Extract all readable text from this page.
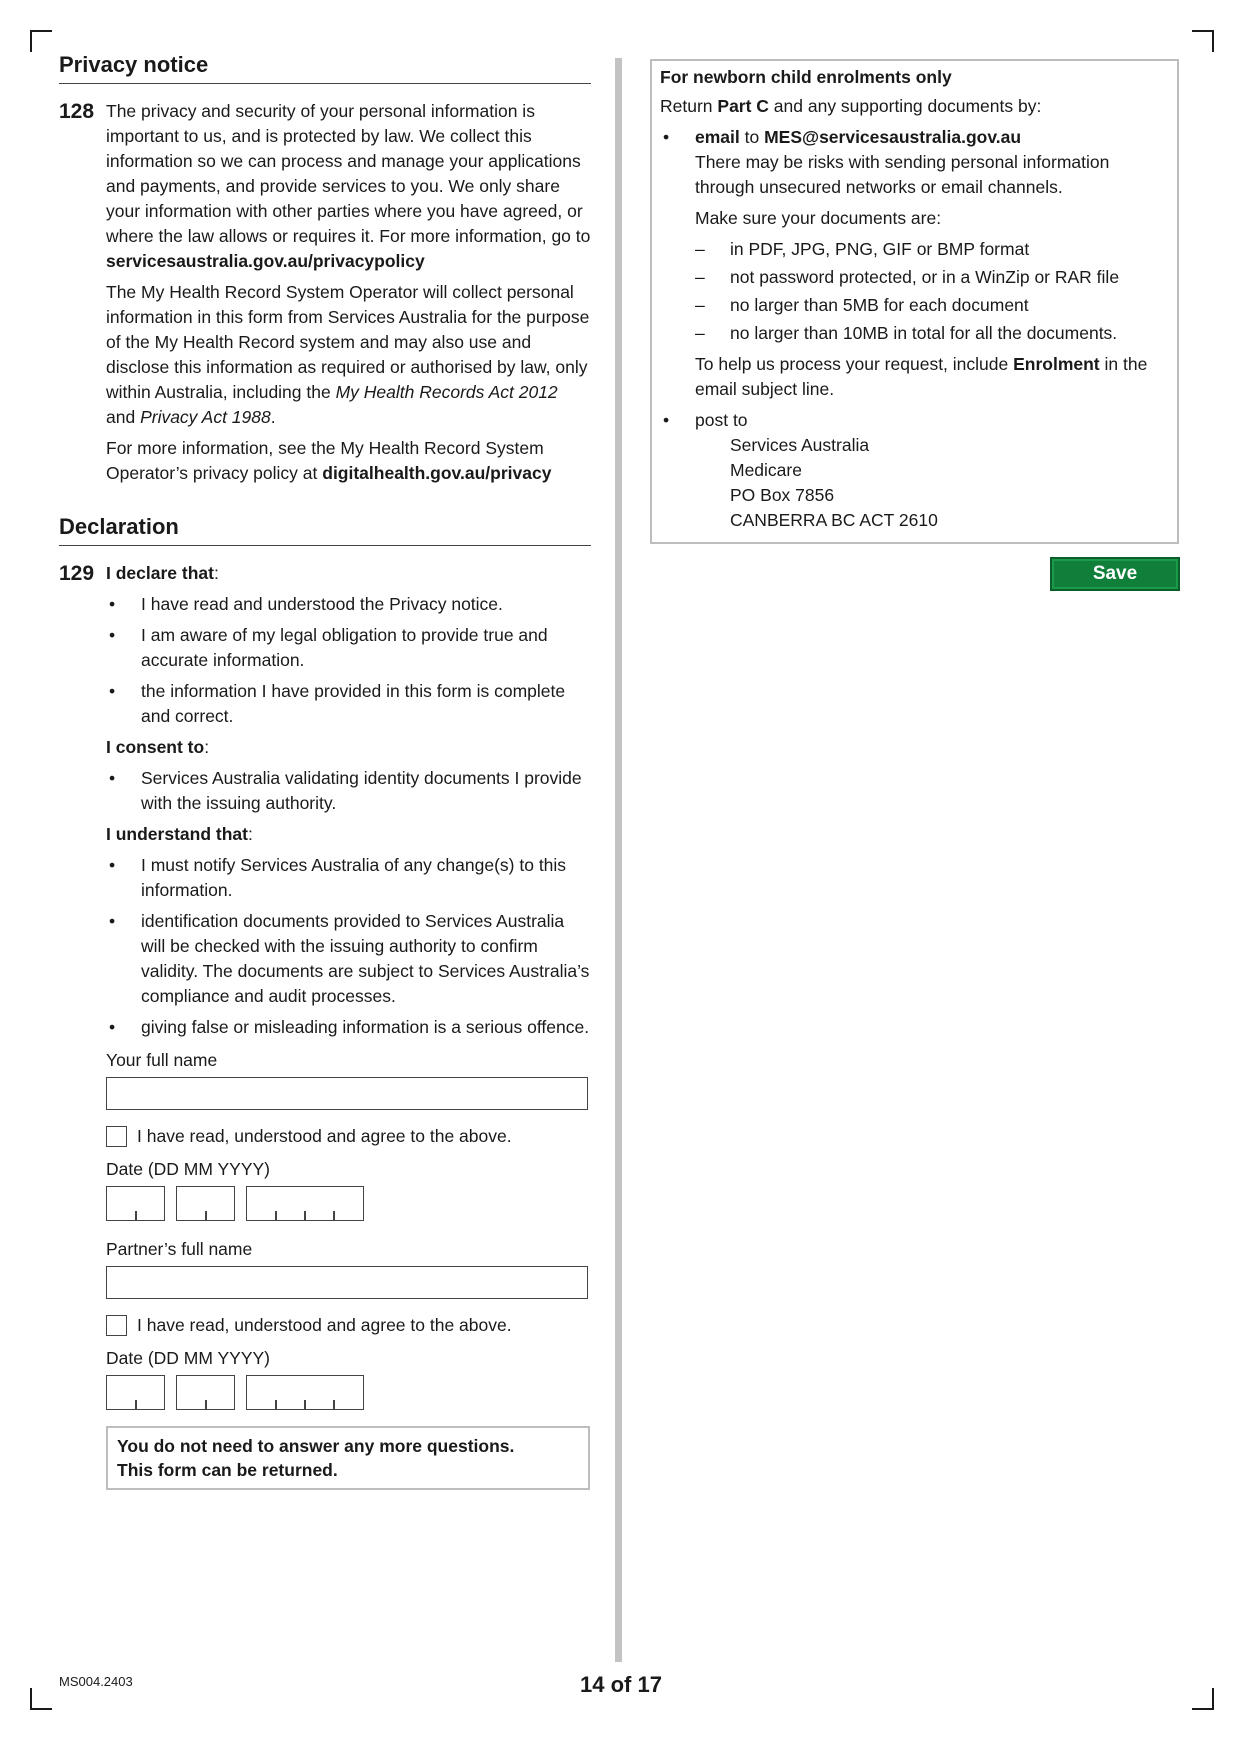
Privacy notice
128 The privacy and security of your personal information is important to us, and is protected by law. We collect this information so we can process and manage your applications and payments, and provide services to you. We only share your information with other parties where you have agreed, or where the law allows or requires it. For more information, go to servicesaustralia.gov.au/privacypolicy

The My Health Record System Operator will collect personal information in this form from Services Australia for the purpose of the My Health Record system and may also use and disclose this information as required or authorised by law, only within Australia, including the My Health Records Act 2012 and Privacy Act 1988.

For more information, see the My Health Record System Operator’s privacy policy at digitalhealth.gov.au/privacy

Declaration
129 I declare that:

• I have read and understood the Privacy notice.
• I am aware of my legal obligation to provide true and accurate information.
• the information I have provided in this form is complete and correct.

I consent to:

• Services Australia validating identity documents I provide with the issuing authority.

I understand that:

• I must notify Services Australia of any change(s) to this information.
• identification documents provided to Services Australia will be checked with the issuing authority to confirm validity. The documents are subject to Services Australia’s compliance and audit processes.
• giving false or misleading information is a serious offence.
Your full name
I have read, understood and agree to the above.
Date (DD MM YYYY)
Partner’s full name
I have read, understood and agree to the above.
Date (DD MM YYYY)
You do not need to answer any more questions.
This form can be returned.

For newborn child enrolments only

Return Part C and any supporting documents by:

• email to MES@servicesaustralia.gov.au

There may be risks with sending personal information through unsecured networks or email channels.

Make sure your documents are:

– in PDF, JPG, PNG, GIF or BMP format
– not password protected, or in a WinZip or RAR file
– no larger than 5MB for each document
– no larger than 10MB in total for all the documents.

To help us process your request, include Enrolment in the email subject line.

• post to
Services Australia
Medicare
PO Box 7856
CANBERRA BC ACT 2610
Save
MS004.2403	14 of 17
